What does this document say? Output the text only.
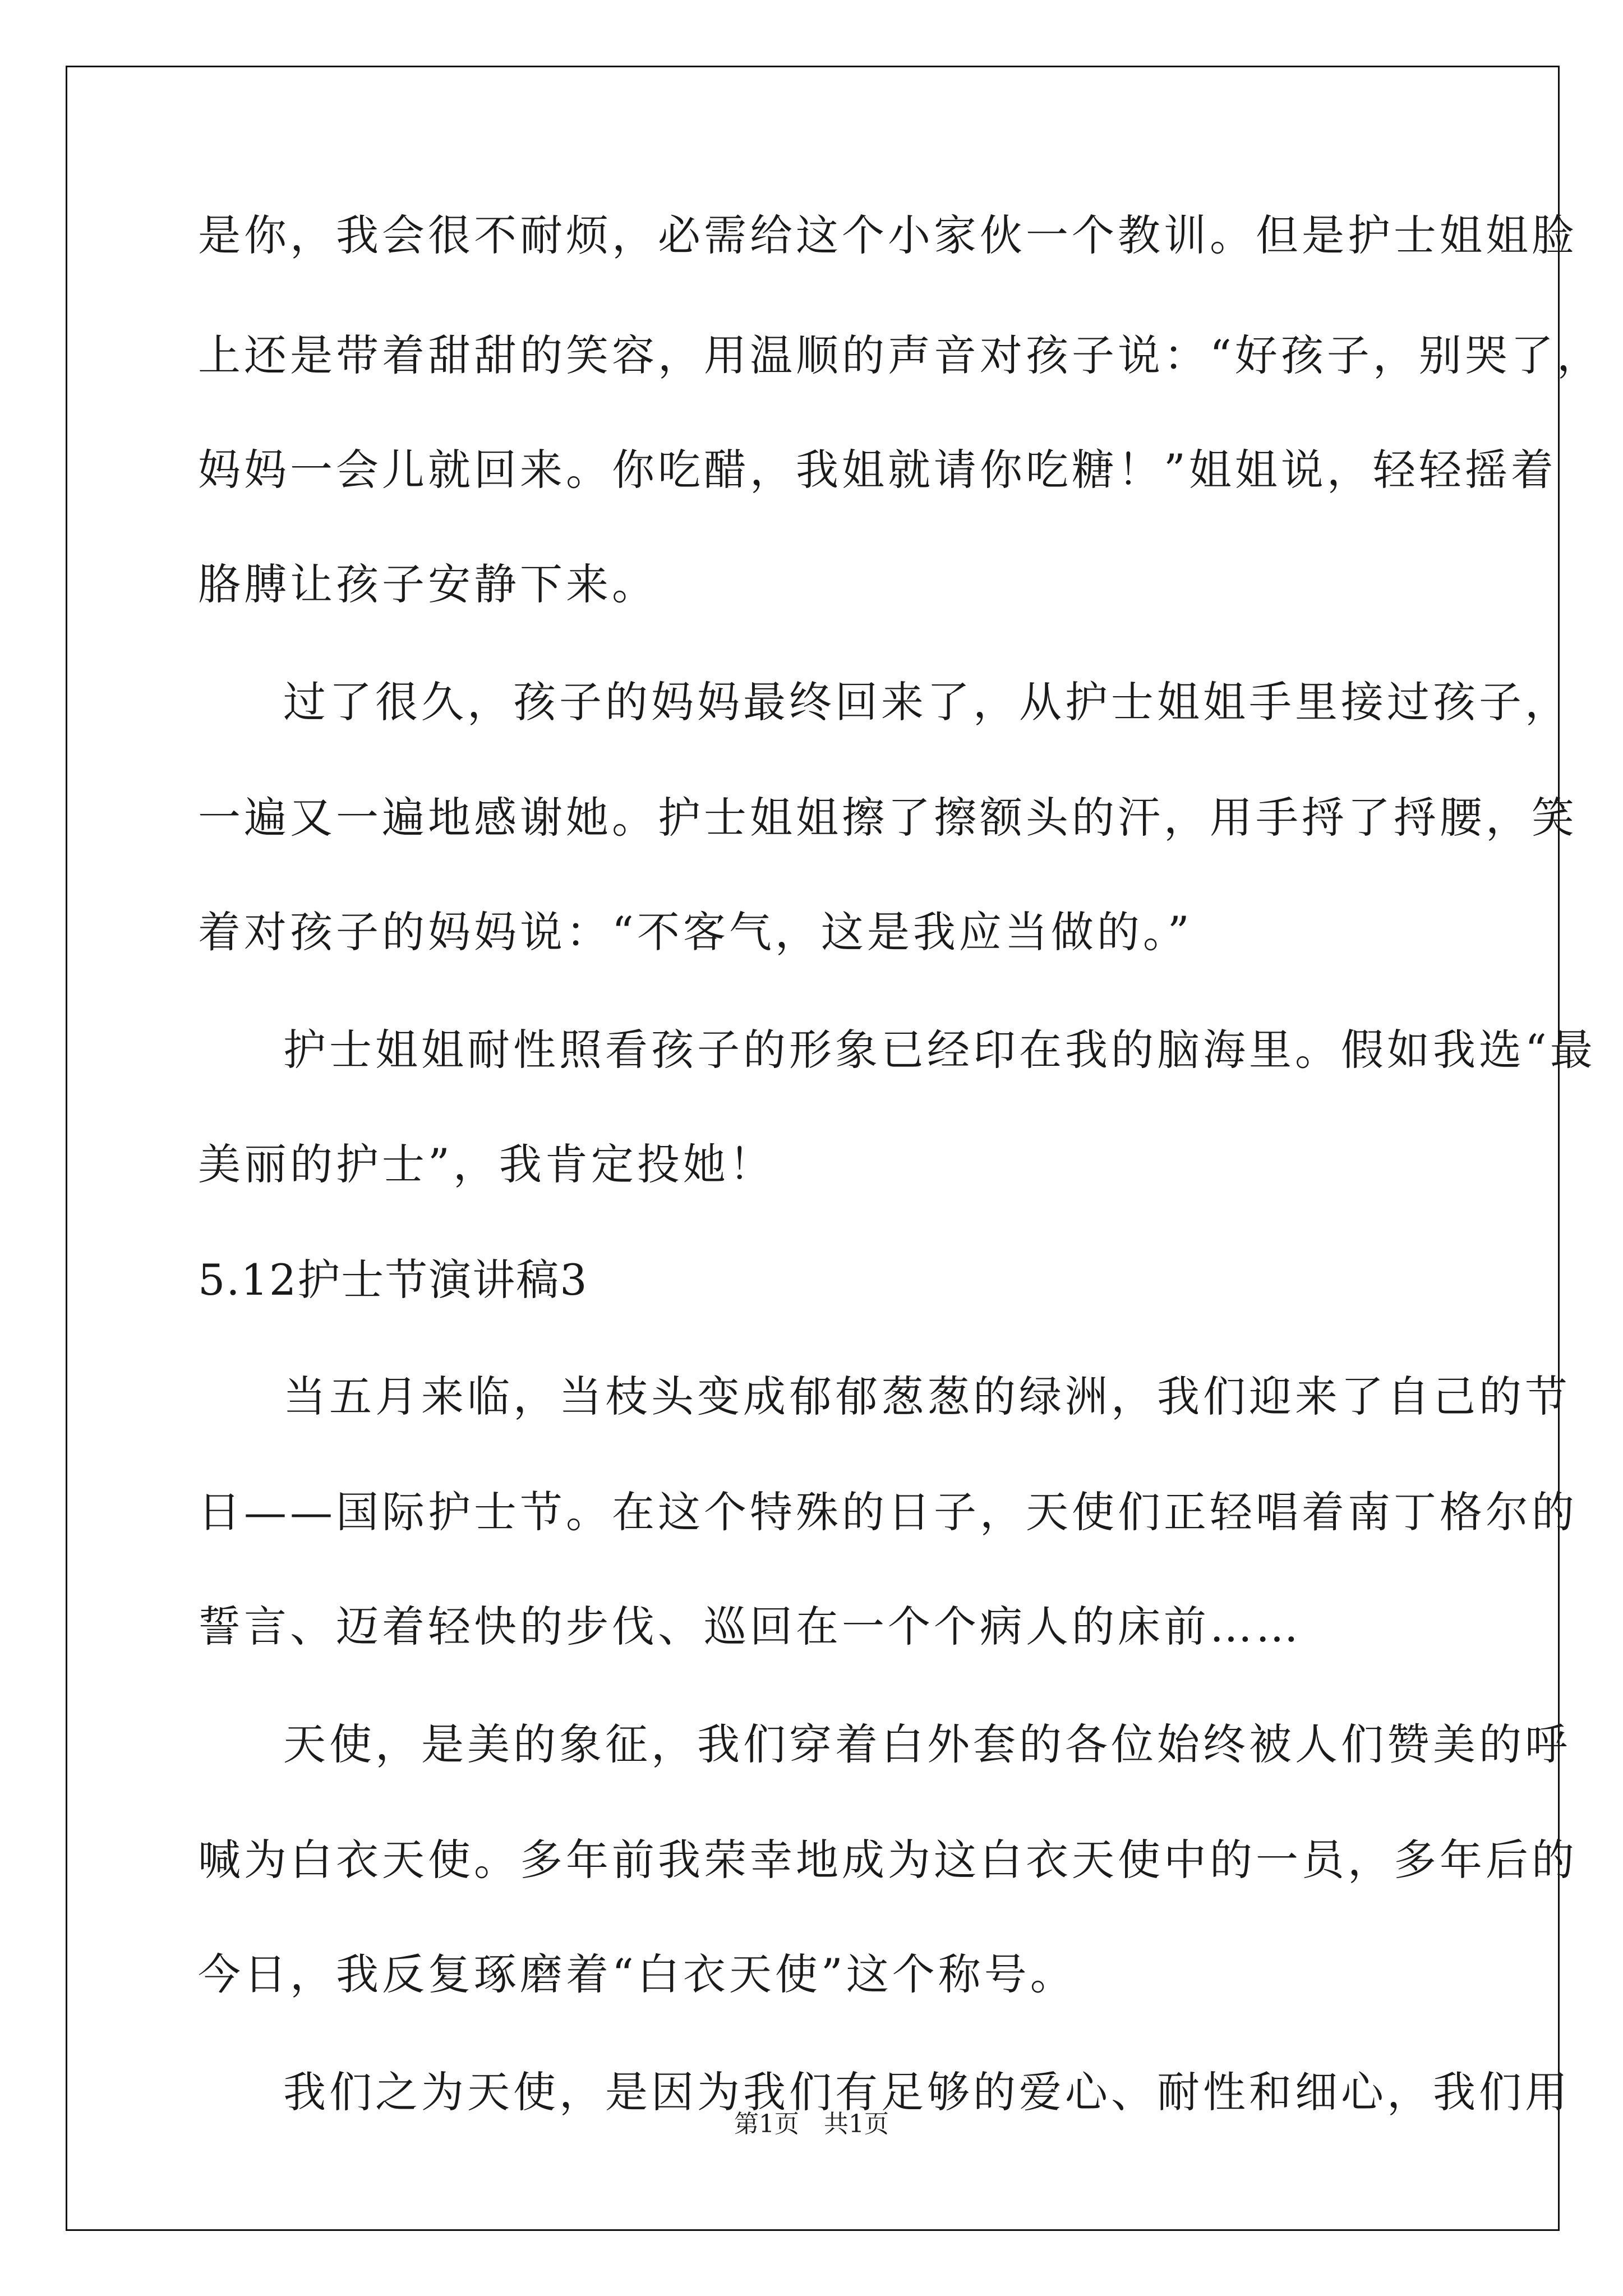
是你，我会很不耐烦，必需给这个小家伙一个教训。但是护士姐姐脸
上还是带着甜甜的笑容，用温顺的声音对孩子说：“好孩子，别哭了，
妈妈一会儿就回来。你吃醋，我姐就请你吃糖！”姐姐说，轻轻摇着
胳膊让孩子安静下来。
过了很久，孩子的妈妈最终回来了，从护士姐姐手里接过孩子，
一遍又一遍地感谢她。护士姐姐擦了擦额头的汗，用手捋了捋腰，笑
着对孩子的妈妈说：“不客气，这是我应当做的。”
护士姐姐耐性照看孩子的形象已经印在我的脑海里。假如我选“最
美丽的护士”，我肯定投她！
5.12护士节演讲稿3
当五月来临，当枝头变成郁郁葱葱的绿洲，我们迎来了自己的节
日——国际护士节。在这个特殊的日子，天使们正轻唱着南丁格尔的
誓言、迈着轻快的步伐、巡回在一个个病人的床前……
天使，是美的象征，我们穿着白外套的各位始终被人们赞美的呼
喊为白衣天使。多年前我荣幸地成为这白衣天使中的一员，多年后的
今日，我反复琢磨着“白衣天使”这个称号。
我们之为天使，是因为我们有足够的爱心、耐性和细心，我们用
第1页　共1页
